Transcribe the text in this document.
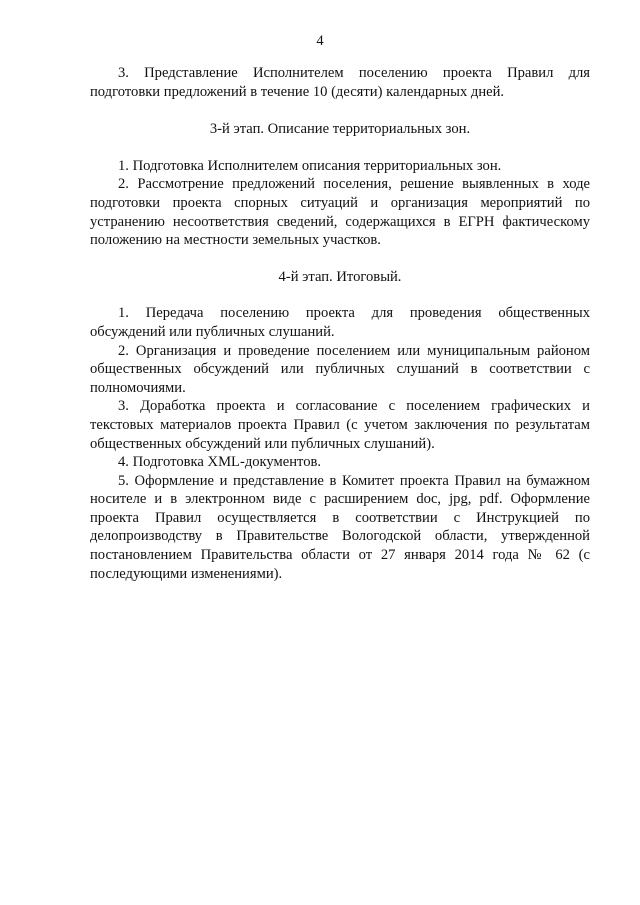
4

3. Представление Исполнителем поселению проекта Правил для подготовки предложений в течение 10 (десяти) календарных дней.

3-й этап. Описание территориальных зон.

1. Подготовка Исполнителем описания территориальных зон.

2. Рассмотрение предложений поселения, решение выявленных в ходе подготовки проекта спорных ситуаций и организация мероприятий по устранению несоответствия сведений, содержащихся в ЕГРН фактическому положению на местности земельных участков.

4-й этап. Итоговый.

1. Передача поселению проекта для проведения общественных обсуждений или публичных слушаний.

2. Организация и проведение поселением или муниципальным районом общественных обсуждений или публичных слушаний в соответствии с полномочиями.

3. Доработка проекта и согласование с поселением графических и текстовых материалов проекта Правил (с учетом заключения по результатам общественных обсуждений или публичных слушаний).

4. Подготовка XML-документов.

5. Оформление и представление в Комитет проекта Правил на бумажном носителе и в электронном виде с расширением doc, jpg, pdf. Оформление проекта Правил осуществляется в соответствии с Инструкцией по делопроизводству в Правительстве Вологодской области, утвержденной постановлением Правительства области от 27 января 2014 года № 62 (с последующими изменениями).
